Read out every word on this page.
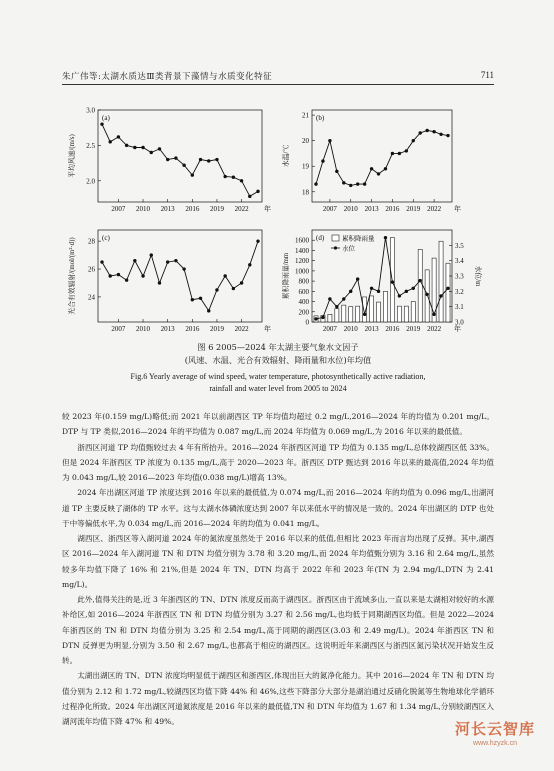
朱广伟等:太湖水质达Ⅲ类背景下藻情与水质变化特征	711
(a)
2.0
2.5
3.0
平均风速/(m/s)
2007 2010 2013 2016 2019 2022 年
(b)
18
19
20
21
水温/℃
2007 2010 2013 2016 2019 2022 年
(c)
24
26
28
光合有效辐射/(mol/(m²·d))
2007 2010 2013 2016 2019 2022 年
(d)
0
200
400
600
800
1000
1200
1400
1600
累积降雨量/mm
2007 2010 2013 2016 2019 2022 年
3.0
3.1
3.2
3.3
3.4
3.5
水位/m
累积降雨量
水位
图 6 2005—2024 年太湖主要气象水文因子
(风速、水温、光合有效辐射、降雨量和水位)年均值
Fig.6 Yearly average of wind speed, water temperature, photosynthetically active radiation,
rainfall and water level from 2005 to 2024

较 2023 年(0.159 mg/L)略低;而 2021 年以前湖西区 TP 年均值均超过 0.2 mg/L,2016—2024 年的均值为 0.201 mg/L。DTP 与 TP 类似,2016—2024 年的平均值为 0.087 mg/L,而 2024 年均值为 0.069 mg/L,为 2016 年以来的最低值。

浙西区河道 TP 均值甄较过去 4 年有所抬升。2016—2024 年浙西区河道 TP 均值为 0.135 mg/L,总体较湖西区低 33%。但是 2024 年浙西区 TP 浓度为 0.135 mg/L,高于 2020—2023 年。浙西区 DTP 甄达到 2016 年以来的最高值,2024 年均值为 0.043 mg/L,较 2016—2023 年均值(0.038 mg/L)增高 13%。

2024 年出湖区河道 TP 浓度达到 2016 年以来的最低值,为 0.074 mg/L,而 2016—2024 年的均值为 0.096 mg/L,出湖河道 TP 主要反映了湖体的 TP 水平。这与太湖水体磷浓度达到 2007 年以来低水平的情况是一致的。2024 年出湖区的 DTP 也处于中等偏低水平,为 0.034 mg/L,而 2016—2024 年的均值为 0.041 mg/L。

湖西区、浙西区等入湖河道 2024 年的氮浓度虽然处于 2016 年以来的低值,但相比 2023 年而言均出现了反弹。其中,湖西区 2016—2024 年入湖河道 TN 和 DTN 均值分别为 3.78 和 3.20 mg/L,而 2024 年均值甄分别为 3.16 和 2.64 mg/L,虽然较多年均值下降了 16% 和 21%,但是 2024 年 TN、DTN 均高于 2022 年和 2023 年(TN 为 2.94 mg/L,DTN 为 2.41 mg/L)。

此外,值得关注的是,近 3 年浙西区的 TN、DTN 浓度反而高于湖西区。浙西区由于流域多山,一直以来是太湖相对较好的水源补给区,如 2016—2024 年浙西区 TN 和 DTN 均值分别为 3.27 和 2.56 mg/L,也均低于同期湖西区均值。但是 2022—2024 年浙西区的 TN 和 DTN 均值分别为 3.25 和 2.54 mg/L,高于同期的湖西区(3.03 和 2.49 mg/L)。2024 年浙西区 TN 和 DTN 反弹更为明显,分别为 3.50 和 2.67 mg/L,也都高于相应的湖西区。这说明近年来湖西区与浙西区氮污染状况开始发生反转。

太湖出湖区的 TN、DTN 浓度均明显低于湖西区和浙西区,体现出巨大的氮净化能力。其中 2016—2024 年 TN 和 DTN 均值分别为 2.12 和 1.72 mg/L,较湖西区均值下降 44% 和 46%,这些下降部分大部分是湖泊通过反硝化脱氮等生物地球化学循环过程净化所致。2024 年出湖区河道氮浓度是 2016 年以来的最低值,TN 和 DTN 年均值为 1.67 和 1.34 mg/L,分别较湖西区入湖河流年均值下降 47% 和 49%。	河长云智库
www.hzyzk.cn
